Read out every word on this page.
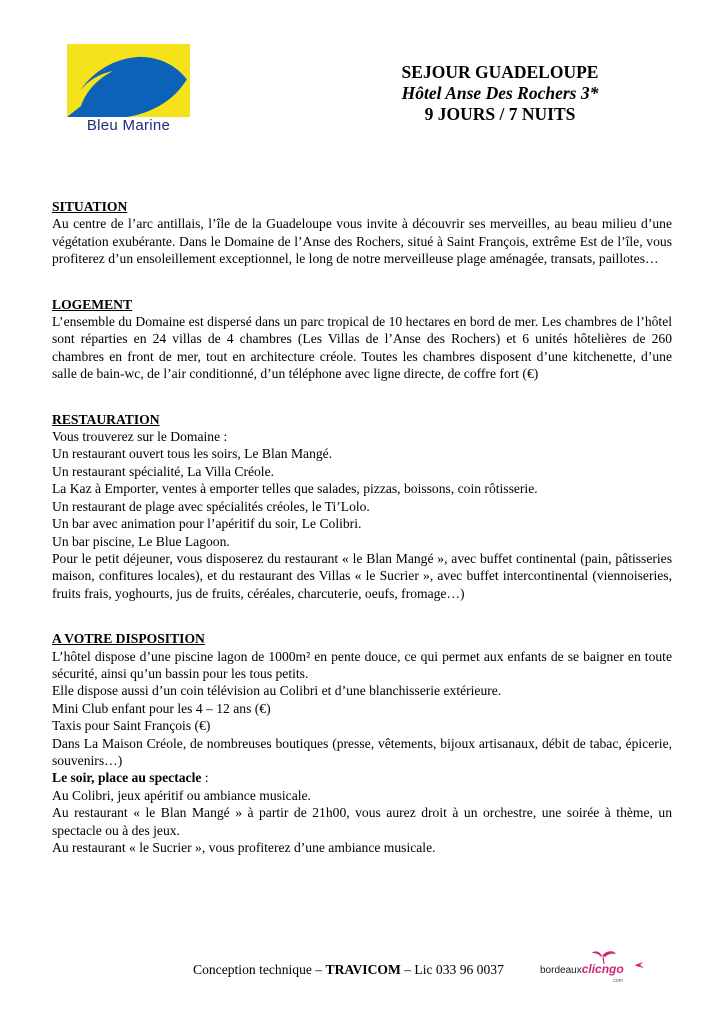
Bleu Marine
SEJOUR GUADELOUPE
Hôtel Anse Des Rochers 3*
9 JOURS / 7 NUITS
SITUATION
Au centre de l’arc antillais, l’île de la Guadeloupe vous invite à découvrir ses merveilles, au beau milieu d’une végétation exubérante. Dans le Domaine de l’Anse des Rochers, situé à Saint François, extrême Est de l’île, vous profiterez d’un ensoleillement exceptionnel, le long de notre merveilleuse plage aménagée, transats, paillotes…
LOGEMENT
L’ensemble du Domaine est dispersé dans un parc tropical de 10 hectares en bord de mer. Les chambres de l’hôtel sont réparties en 24 villas de 4 chambres (Les Villas de l’Anse des Rochers) et 6 unités hôtelières de 260 chambres en front de mer, tout en architecture créole. Toutes les chambres disposent d’une kitchenette, d’une salle de bain-wc, de l’air conditionné, d’un téléphone avec ligne directe, de coffre fort (€)
RESTAURATION
Vous trouverez sur le Domaine :
Un restaurant ouvert tous les soirs, Le Blan Mangé.
Un restaurant spécialité, La Villa Créole.
La Kaz à Emporter, ventes à emporter telles que salades, pizzas, boissons, coin rôtisserie.
Un restaurant de plage avec spécialités créoles, le Ti’Lolo.
Un bar avec animation pour l’apéritif du soir, Le Colibri.
Un bar piscine, Le Blue Lagoon.
Pour le petit déjeuner, vous disposerez du restaurant « le Blan Mangé », avec buffet continental (pain, pâtisseries maison, confitures locales), et du restaurant des Villas « le Sucrier », avec buffet intercontinental (viennoiseries, fruits frais, yoghourts, jus de fruits, céréales, charcuterie, oeufs, fromage…)
A VOTRE DISPOSITION
L’hôtel dispose d’une piscine lagon de 1000m² en pente douce, ce qui permet aux enfants de se baigner en toute sécurité, ainsi qu’un bassin pour les tous petits.
Elle dispose aussi d’un coin télévision au Colibri et d’une blanchisserie extérieure.
Mini Club enfant pour les 4 – 12 ans (€)
Taxis pour Saint François (€)
Dans La Maison Créole, de nombreuses boutiques (presse, vêtements, bijoux artisanaux, débit de tabac, épicerie, souvenirs…)
Le soir, place au spectacle :
Au Colibri, jeux apéritif ou ambiance musicale.
Au restaurant « le Blan Mangé » à partir de 21h00, vous aurez droit à un orchestre, une soirée à thème, un spectacle ou à des jeux.
Au restaurant « le Sucrier », vous profiterez d’une ambiance musicale.
Conception technique – TRAVICOM – Lic 033 96 0037	bordeauxclicngo
.com
